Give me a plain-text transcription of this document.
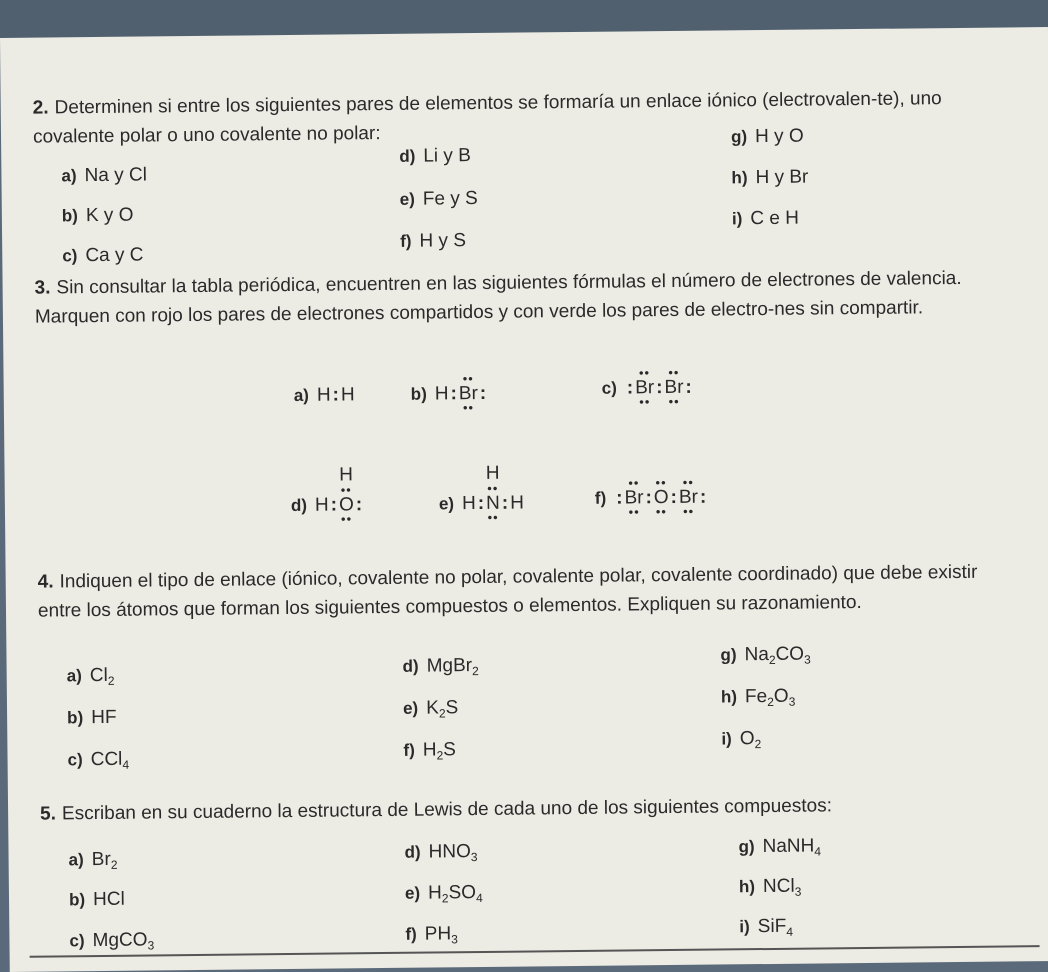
2. Determinen si entre los siguientes pares de elementos se formaría un enlace iónico (electrovalen-te), uno covalente polar o uno covalente no polar:
a) Na y Cl
b) K y O
c) Ca y C
d) Li y B
e) Fe y S
f) H y S
g) H y O
h) H y Br
i) C e H
3. Sin consultar la tabla periódica, encuentren en las siguientes fórmulas el número de electrones de valencia. Marquen con rojo los pares de electrones compartidos y con verde los pares de electro-nes sin compartir.
a) H:H	b) H:
••
Br
••
:	c) :
••
Br
••
:
••
Br
••
:
d) H:
H
••
O
••
:	e) H:
H
••
N
••
:H	f) :
••
Br
••
:
••
O
••
:
••
Br
••
:
4. Indiquen el tipo de enlace (iónico, covalente no polar, covalente polar, covalente coordinado) que debe existir entre los átomos que forman los siguientes compuestos o elementos. Expliquen su razonamiento.
a) $Cl_2$
b) HF
c) CCl$_4$
d) MgBr$_2$
e) $K_2S$
f) $H_2S$
g) $Na_2CO_3$
h) $Fe_2O_3$
i) $O_2$
5. Escriban en su cuaderno la estructura de Lewis de cada uno de los siguientes compuestos:
a) $Br_2$
b) HCl
c) MgCO$_3$
d) $HNO_3$
e) $H_2SO_4$
f) $PH_3$
g) NaNH$_4$
h) NCl$_3$
i) SiF$_4$
